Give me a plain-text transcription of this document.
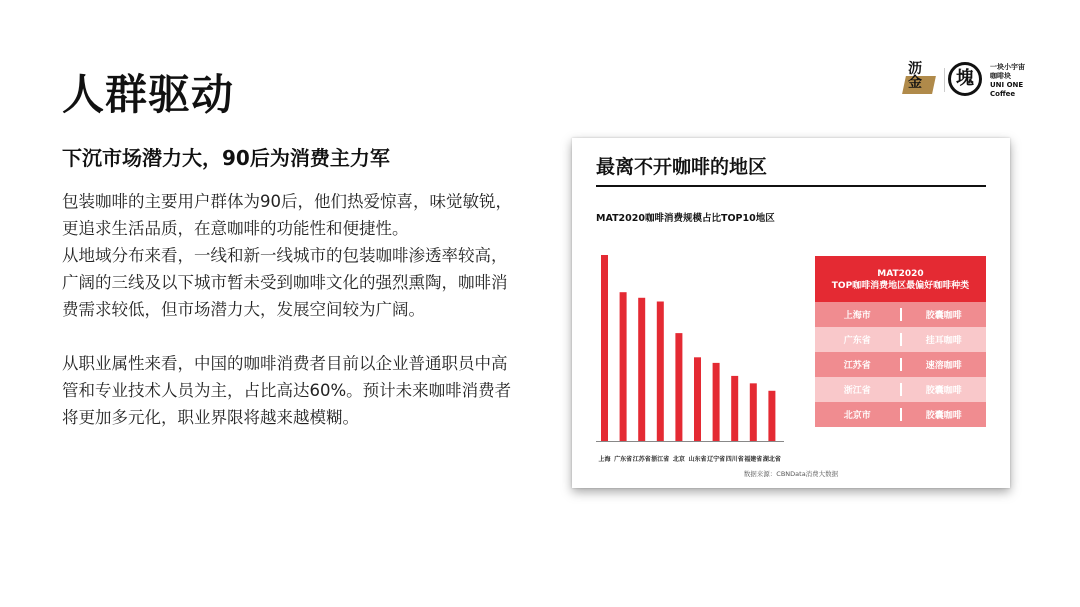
人群驱动
下沉市场潜力大，90后为消费主力军

包装咖啡的主要用户群体为90后，他们热爱惊喜，味觉敏锐，更追求生活品质，在意咖啡的功能性和便捷性。

从地域分布来看，一线和新一线城市的包装咖啡渗透率较高，广阔的三线及以下城市暂未受到咖啡文化的强烈熏陶，咖啡消费需求较低，但市场潜力大，发展空间较为广阔。

从职业属性来看，中国的咖啡消费者目前以企业普通职员中高管和专业技术人员为主，占比高达60%。预计未来咖啡消费者将更加多元化，职业界限将越来越模糊。

沥金	塊
一块小宇宙
咖啡块
UNI ONE
Coffee
最离不开咖啡的地区
MAT2020咖啡消费规模占比TOP10地区
上海 广东省 江苏省 浙江省 北京 山东省 辽宁省 四川省 福建省 湖北省
MAT2020
TOP咖啡消费地区最偏好咖啡种类
上海市	胶囊咖啡
广东省	挂耳咖啡
江苏省	速溶咖啡
浙江省	胶囊咖啡
北京市	胶囊咖啡
数据来源：CBNData消费大数据
